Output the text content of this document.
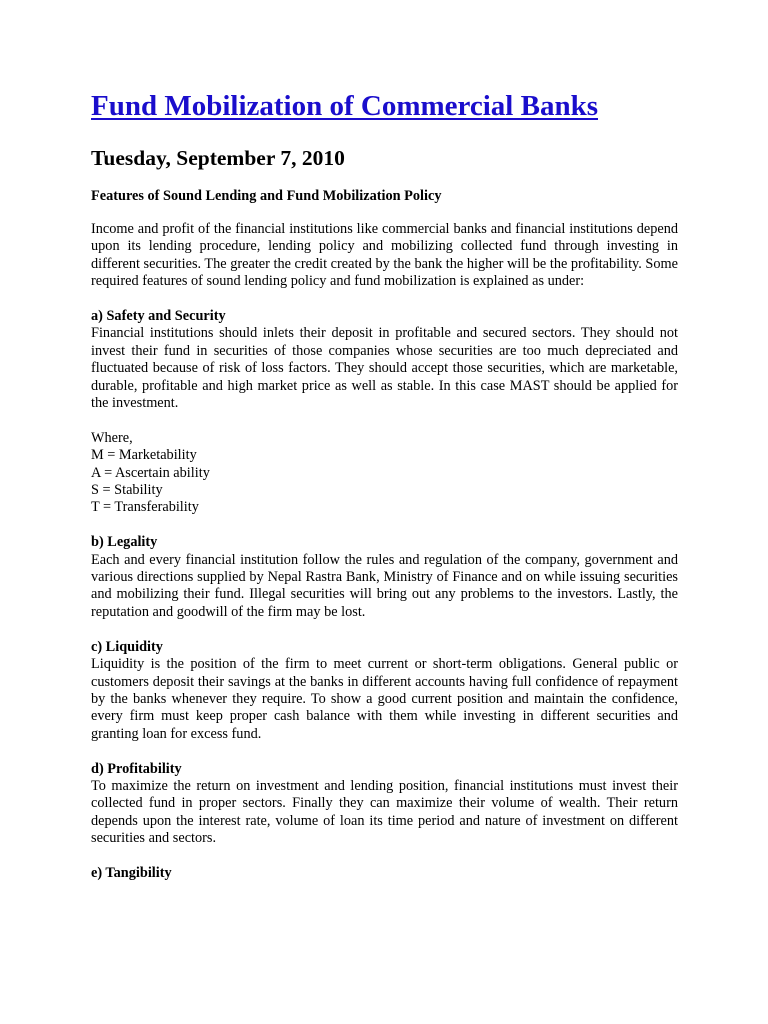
Fund Mobilization of Commercial Banks
Tuesday, September 7, 2010
Features of Sound Lending and Fund Mobilization Policy

Income and profit of the financial institutions like commercial banks and financial institutions depend upon its lending procedure, lending policy and mobilizing collected fund through investing in different securities. The greater the credit created by the bank the higher will be the profitability. Some required features of sound lending policy and fund mobilization is explained as under:

a) Safety and Security
Financial institutions should inlets their deposit in profitable and secured sectors. They should not invest their fund in securities of those companies whose securities are too much depreciated and fluctuated because of risk of loss factors. They should accept those securities, which are marketable, durable, profitable and high market price as well as stable. In this case MAST should be applied for the investment.

Where,
M = Marketability
A = Ascertain ability
S = Stability
T = Transferability

b) Legality
Each and every financial institution follow the rules and regulation of the company, government and various directions supplied by Nepal Rastra Bank, Ministry of Finance and on while issuing securities and mobilizing their fund. Illegal securities will bring out any problems to the investors. Lastly, the reputation and goodwill of the firm may be lost.

c) Liquidity
Liquidity is the position of the firm to meet current or short-term obligations. General public or customers deposit their savings at the banks in different accounts having full confidence of repayment by the banks whenever they require. To show a good current position and maintain the confidence, every firm must keep proper cash balance with them while investing in different securities and granting loan for excess fund.

d) Profitability
To maximize the return on investment and lending position, financial institutions must invest their collected fund in proper sectors. Finally they can maximize their volume of wealth. Their return depends upon the interest rate, volume of loan its time period and nature of investment on different securities and sectors.

e) Tangibility
